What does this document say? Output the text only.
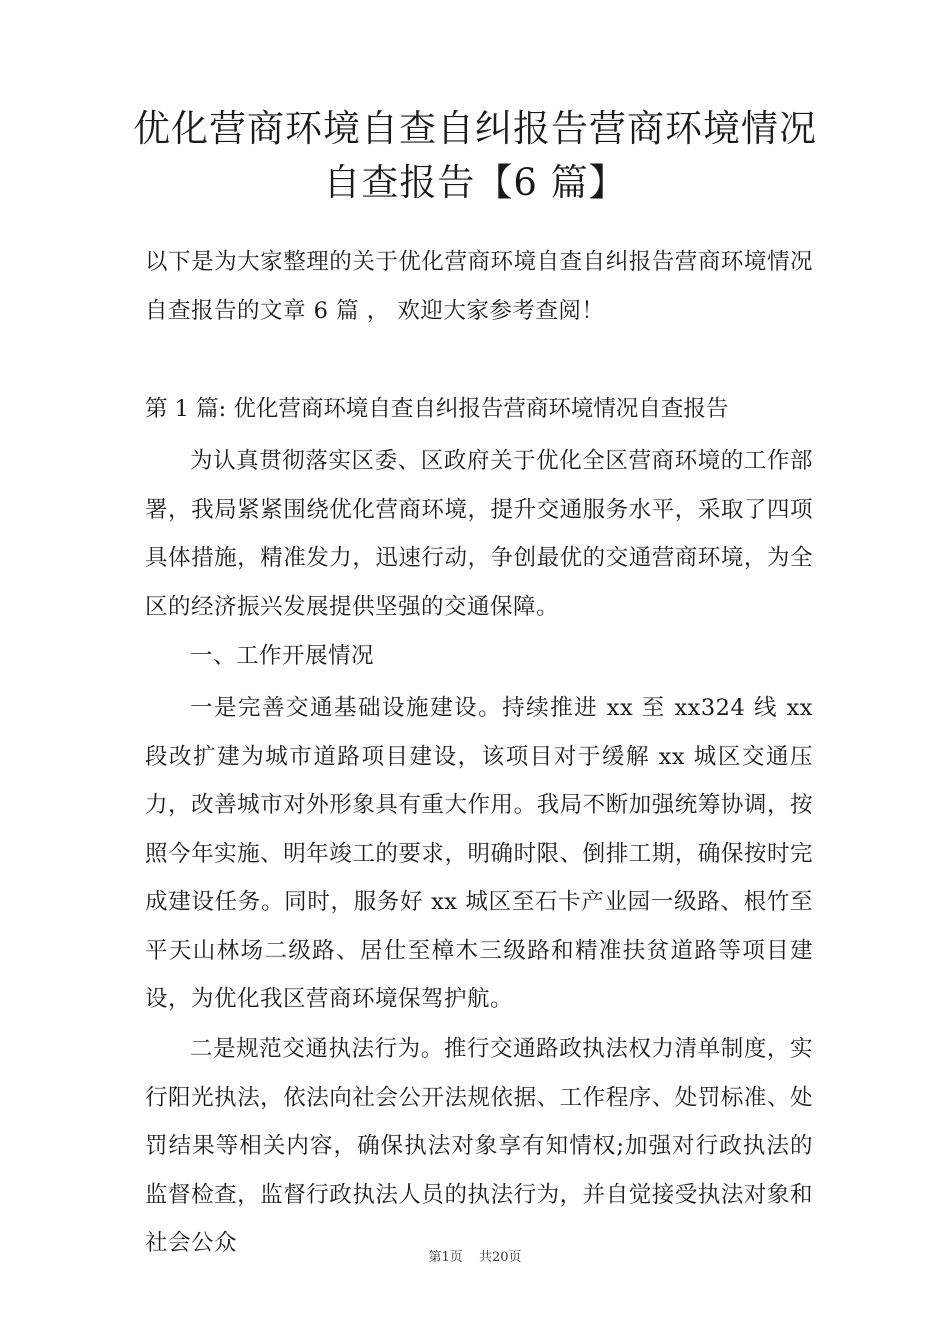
优化营商环境自查自纠报告营商环境情况
自查报告【6 篇】

以下是为大家整理的关于优化营商环境自查自纠报告营商环境情况自查报告的文章 6 篇 ， 欢迎大家参考查阅！

第 1 篇: 优化营商环境自查自纠报告营商环境情况自查报告

为认真贯彻落实区委、区政府关于优化全区营商环境的工作部署，我局紧紧围绕优化营商环境，提升交通服务水平，采取了四项具体措施，精准发力，迅速行动，争创最优的交通营商环境，为全区的经济振兴发展提供坚强的交通保障。

一、工作开展情况

一是完善交通基础设施建设。持续推进 xx 至 xx324 线 xx 段改扩建为城市道路项目建设，该项目对于缓解 xx 城区交通压力，改善城市对外形象具有重大作用。我局不断加强统筹协调，按照今年实施、明年竣工的要求，明确时限、倒排工期，确保按时完成建设任务。同时，服务好 xx 城区至石卡产业园一级路、根竹至平天山林场二级路、居仕至樟木三级路和精准扶贫道路等项目建设，为优化我区营商环境保驾护航。

二是规范交通执法行为。推行交通路政执法权力清单制度，实行阳光执法，依法向社会公开法规依据、工作程序、处罚标准、处罚结果等相关内容，确保执法对象享有知情权;加强对行政执法的监督检查，监督行政执法人员的执法行为，并自觉接受执法对象和社会公众

第1页 共20页
